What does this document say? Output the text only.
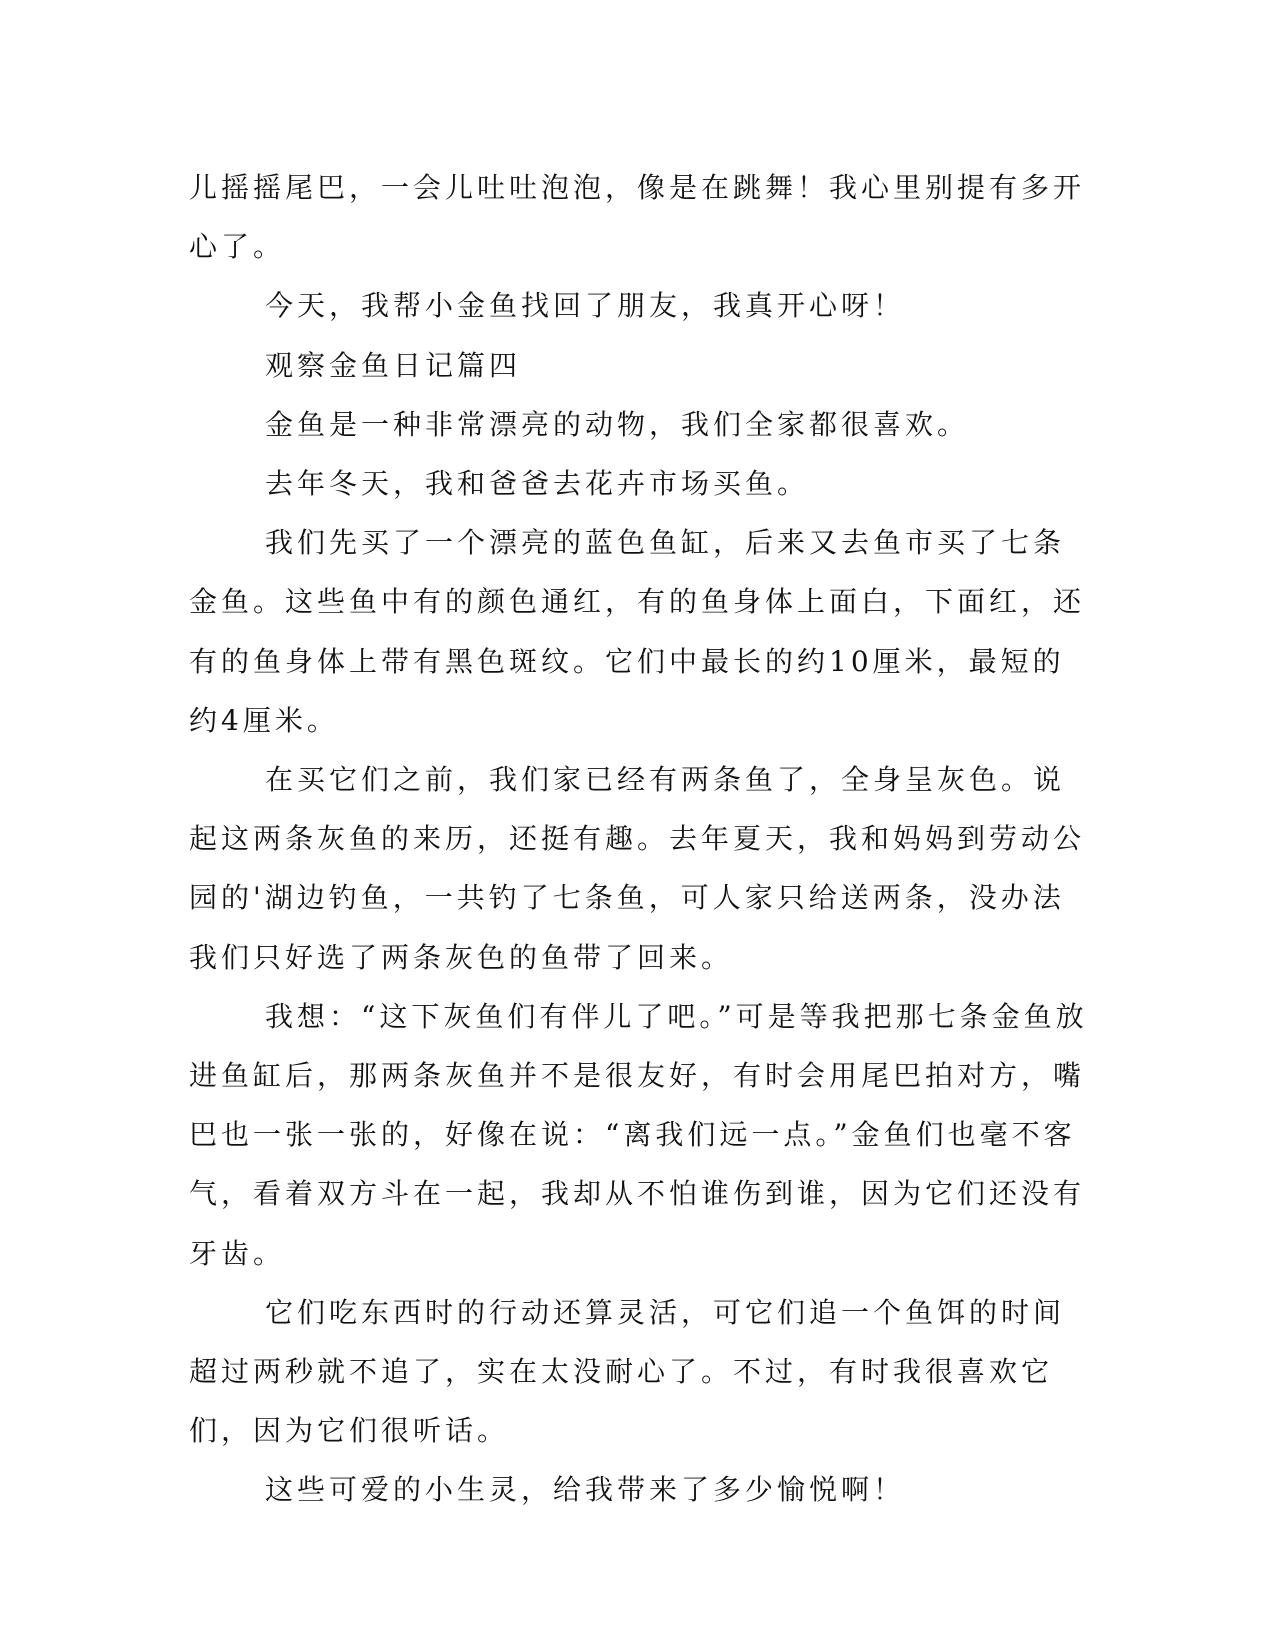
儿摇摇尾巴，一会儿吐吐泡泡，像是在跳舞！我心里别提有多开心了。

今天，我帮小金鱼找回了朋友，我真开心呀！

观察金鱼日记篇四

金鱼是一种非常漂亮的动物，我们全家都很喜欢。

去年冬天，我和爸爸去花卉市场买鱼。

我们先买了一个漂亮的蓝色鱼缸，后来又去鱼市买了七条金鱼。这些鱼中有的颜色通红，有的鱼身体上面白，下面红，还有的鱼身体上带有黑色斑纹。它们中最长的约10厘米，最短的约4厘米。

在买它们之前，我们家已经有两条鱼了，全身呈灰色。说起这两条灰鱼的来历，还挺有趣。去年夏天，我和妈妈到劳动公园的'湖边钓鱼，一共钓了七条鱼，可人家只给送两条，没办法我们只好选了两条灰色的鱼带了回来。

我想：“这下灰鱼们有伴儿了吧。”可是等我把那七条金鱼放进鱼缸后，那两条灰鱼并不是很友好，有时会用尾巴拍对方，嘴巴也一张一张的，好像在说：“离我们远一点。”金鱼们也毫不客气，看着双方斗在一起，我却从不怕谁伤到谁，因为它们还没有牙齿。

它们吃东西时的行动还算灵活，可它们追一个鱼饵的时间超过两秒就不追了，实在太没耐心了。不过，有时我很喜欢它们，因为它们很听话。

这些可爱的小生灵，给我带来了多少愉悦啊！
